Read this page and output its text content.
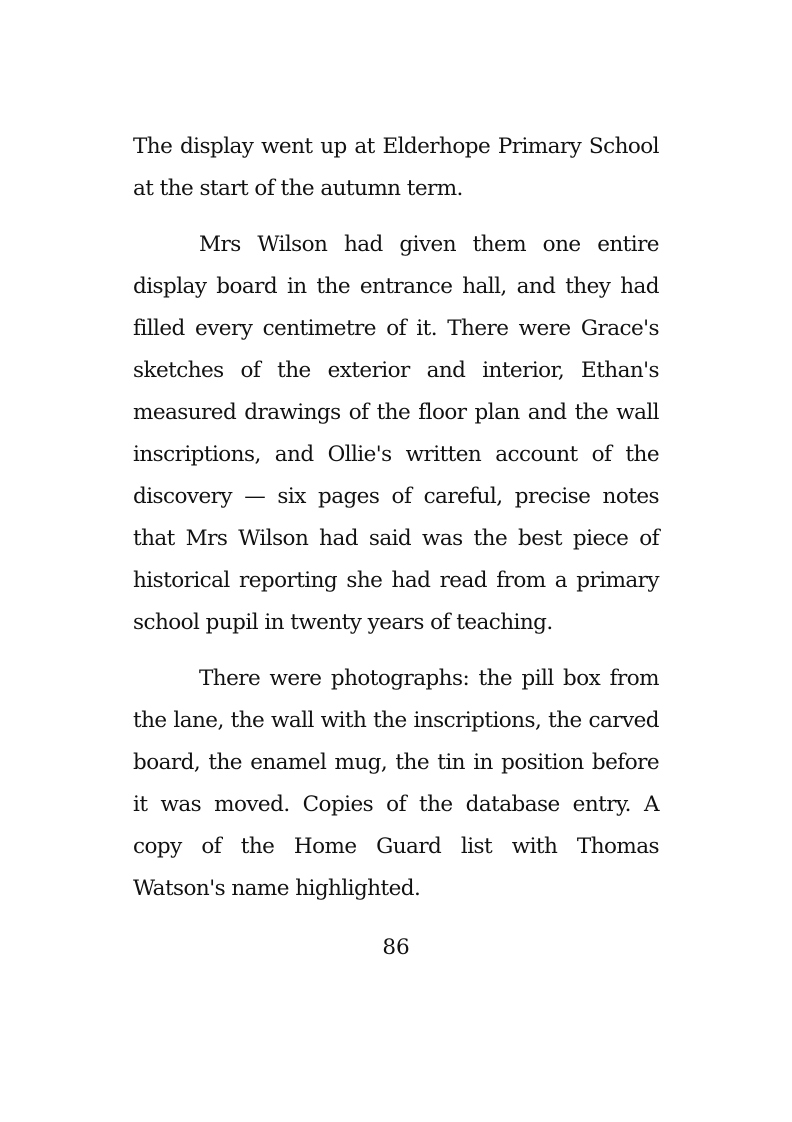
The display went up at Elderhope Primary School at the start of the autumn term.

Mrs Wilson had given them one entire display board in the entrance hall, and they had filled every centimetre of it. There were Grace's sketches of the exterior and interior, Ethan's measured drawings of the floor plan and the wall inscriptions, and Ollie's written account of the discovery — six pages of careful, precise notes that Mrs Wilson had said was the best piece of historical reporting she had read from a primary school pupil in twenty years of teaching.

There were photographs: the pill box from the lane, the wall with the inscriptions, the carved board, the enamel mug, the tin in position before it was moved. Copies of the database entry. A copy of the Home Guard list with Thomas Watson's name highlighted.

86
